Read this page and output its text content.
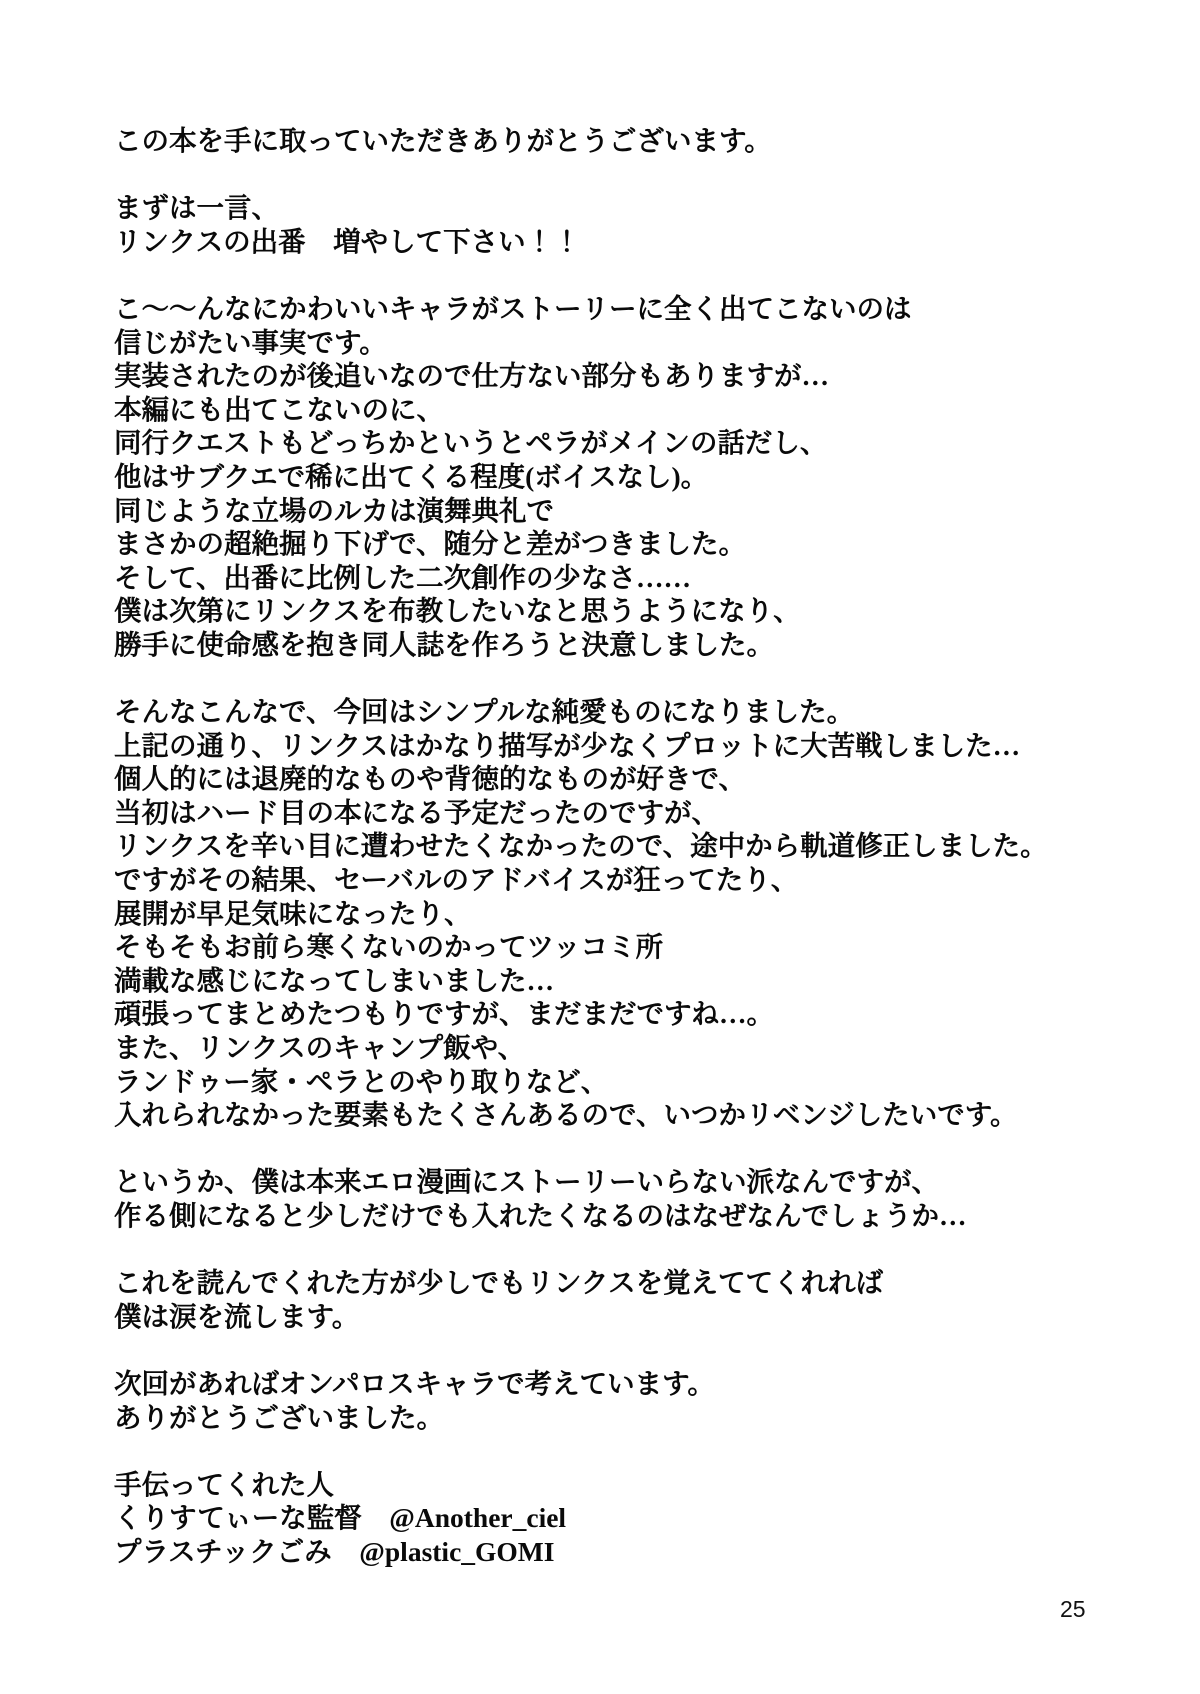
この本を手に取っていただきありがとうございます。
まずは一言、
リンクスの出番　増やして下さい！！
こ～～んなにかわいいキャラがストーリーに全く出てこないのは
信じがたい事実です。
実装されたのが後追いなので仕方ない部分もありますが…
本編にも出てこないのに、
同行クエストもどっちかというとペラがメインの話だし、
他はサブクエで稀に出てくる程度(ボイスなし)。
同じような立場のルカは演舞典礼で
まさかの超絶掘り下げで、随分と差がつきました。
そして、出番に比例した二次創作の少なさ……
僕は次第にリンクスを布教したいなと思うようになり、
勝手に使命感を抱き同人誌を作ろうと決意しました。
そんなこんなで、今回はシンプルな純愛ものになりました。
上記の通り、リンクスはかなり描写が少なくプロットに大苦戦しました…
個人的には退廃的なものや背徳的なものが好きで、
当初はハード目の本になる予定だったのですが、
リンクスを辛い目に遭わせたくなかったので、途中から軌道修正しました。
ですがその結果、セーバルのアドバイスが狂ってたり、
展開が早足気味になったり、
そもそもお前ら寒くないのかってツッコミ所
満載な感じになってしまいました…
頑張ってまとめたつもりですが、まだまだですね…。
また、リンクスのキャンプ飯や、
ランドゥー家・ペラとのやり取りなど、
入れられなかった要素もたくさんあるので、いつかリベンジしたいです。
というか、僕は本来エロ漫画にストーリーいらない派なんですが、
作る側になると少しだけでも入れたくなるのはなぜなんでしょうか…
これを読んでくれた方が少しでもリンクスを覚えててくれれば
僕は涙を流します。
次回があればオンパロスキャラで考えています。
ありがとうございました。
手伝ってくれた人
くりすてぃーな監督　@Another_ciel
プラスチックごみ　@plastic_GOMI
25
